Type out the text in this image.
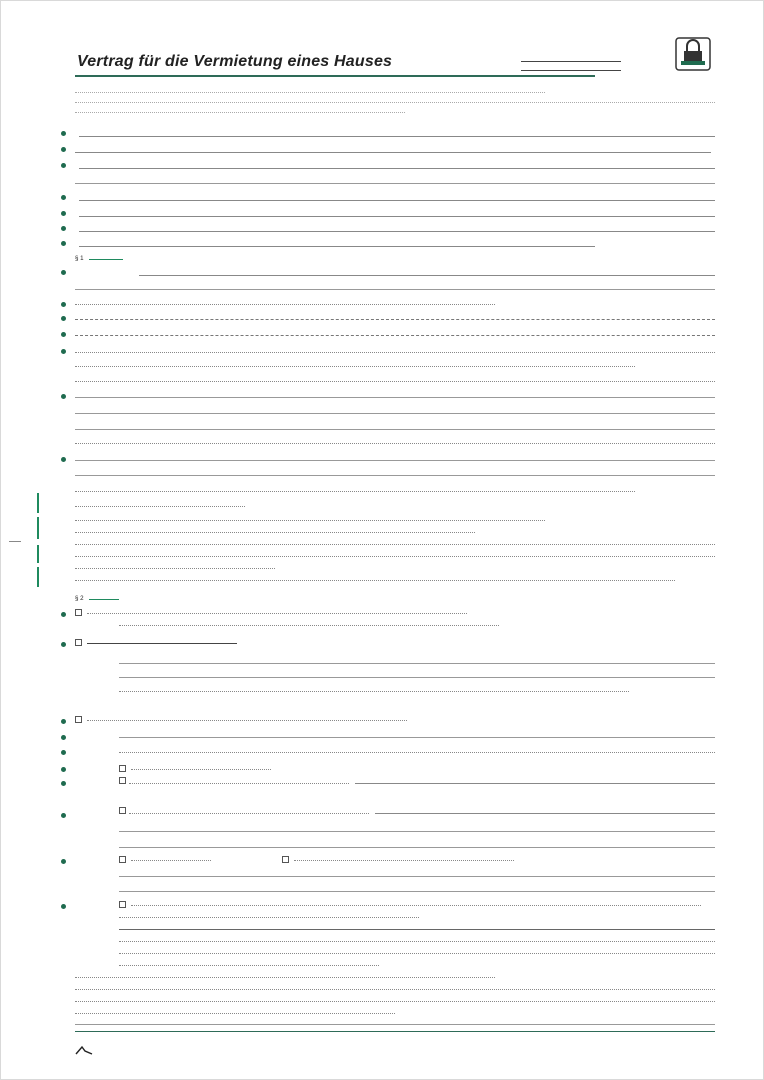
Vertrag für die Vermietung eines Hauses
§ 1
§ 2
